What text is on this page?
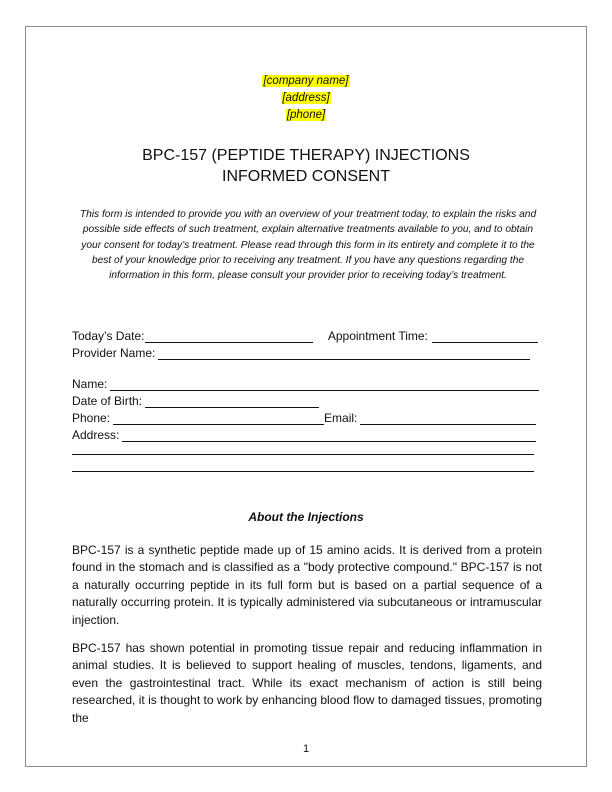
[company name]
[address]
[phone]
BPC-157 (PEPTIDE THERAPY) INJECTIONS
INFORMED CONSENT

This form is intended to provide you with an overview of your treatment today, to explain the risks and possible side effects of such treatment, explain alternative treatments available to you, and to obtain your consent for today’s treatment. Please read through this form in its entirety and complete it to the best of your knowledge prior to receiving any treatment. If you have any questions regarding the information in this form, please consult your provider prior to receiving today’s treatment.

Today’s Date:	Appointment Time:
Provider Name:
Name:
Date of Birth:
Phone:	Email:
Address:
About the Injections

BPC-157 is a synthetic peptide made up of 15 amino acids. It is derived from a protein found in the stomach and is classified as a "body protective compound." BPC-157 is not a naturally occurring peptide in its full form but is based on a partial sequence of a naturally occurring protein. It is typically administered via subcutaneous or intramuscular injection.

BPC-157 has shown potential in promoting tissue repair and reducing inflammation in animal studies. It is believed to support healing of muscles, tendons, ligaments, and even the gastrointestinal tract. While its exact mechanism of action is still being researched, it is thought to work by enhancing blood flow to damaged tissues, promoting the

1
